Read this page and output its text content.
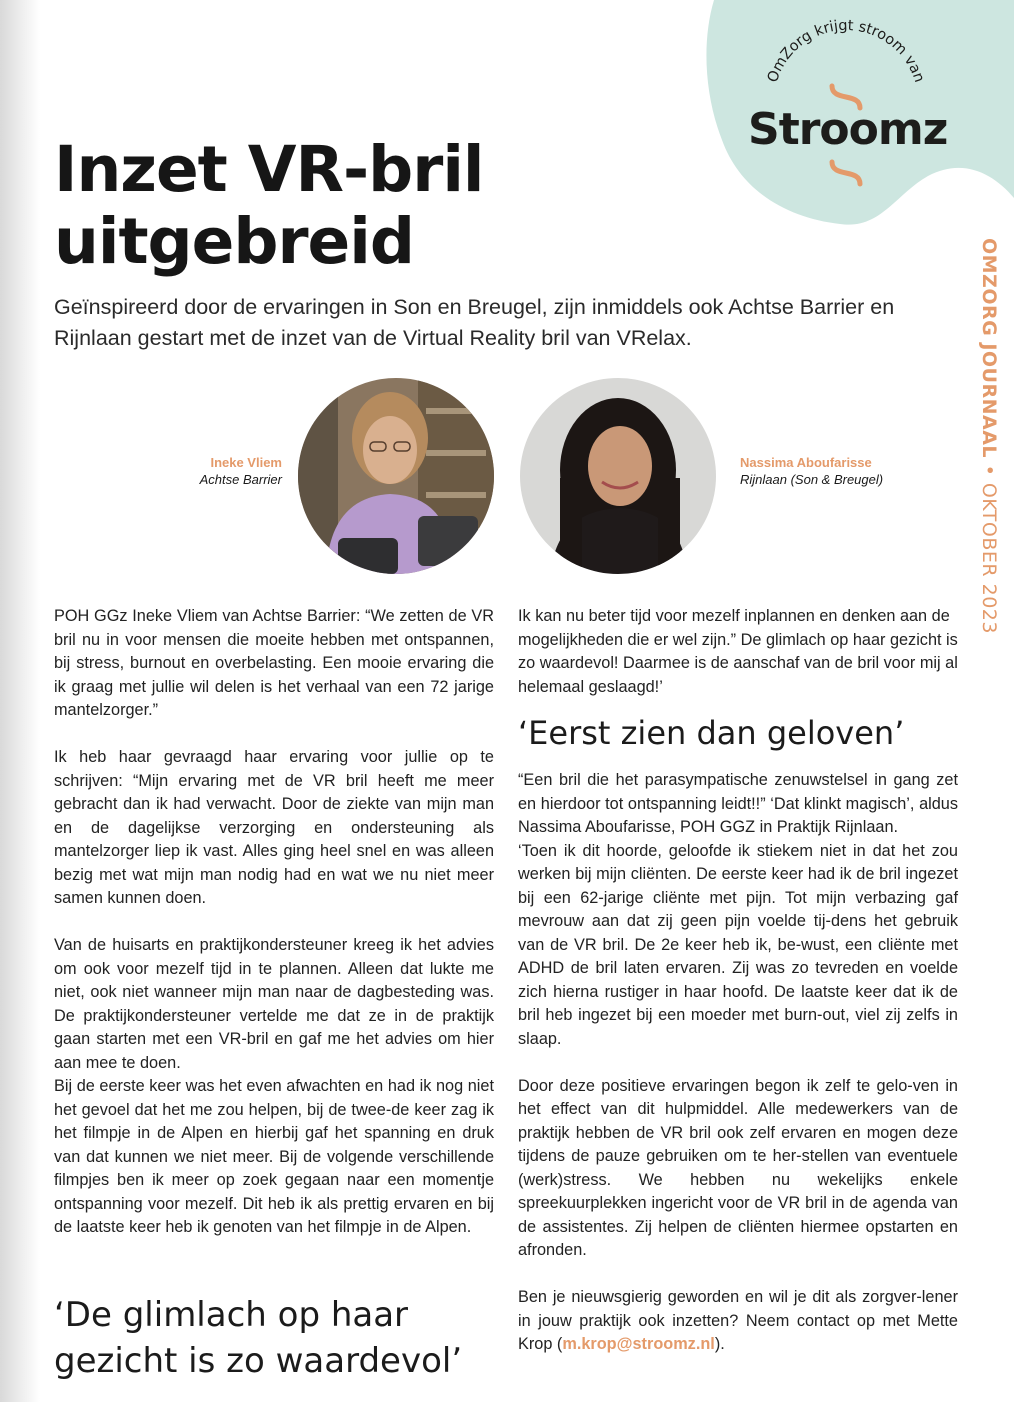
OmZorg krijgt stroom van
Stroomz
OMZORG JOURNAAL • OKTOBER 2023
Inzet VR-bril uitgebreid

Geïnspireerd door de ervaringen in Son en Breugel, zijn inmiddels ook Achtse Barrier en Rijnlaan gestart met de inzet van de Virtual Reality bril van VRelax.

Ineke Vliem
Achtse Barrier
Nassima Aboufarisse
Rijnlaan (Son & Breugel)

POH GGz Ineke Vliem van Achtse Barrier: “We zetten de VR bril nu in voor mensen die moeite hebben met ontspannen, bij stress, burnout en overbelasting. Een mooie ervaring die ik graag met jullie wil delen is het verhaal van een 72 jarige mantelzorger.”

Ik heb haar gevraagd haar ervaring voor jullie op te schrijven: “Mijn ervaring met de VR bril heeft me meer gebracht dan ik had verwacht. Door de ziekte van mijn man en de dagelijkse verzorging en ondersteuning als mantelzorger liep ik vast. Alles ging heel snel en was alleen bezig met wat mijn man nodig had en wat we nu niet meer samen kunnen doen.

Van de huisarts en praktijkondersteuner kreeg ik het advies om ook voor mezelf tijd in te plannen. Alleen dat lukte me niet, ook niet wanneer mijn man naar de dagbesteding was. De praktijkondersteuner vertelde me dat ze in de praktijk gaan starten met een VR-bril en gaf me het advies om hier aan mee te doen.

Bij de eerste keer was het even afwachten en had ik nog niet het gevoel dat het me zou helpen, bij de twee-de keer zag ik het filmpje in de Alpen en hierbij gaf het spanning en druk van dat kunnen we niet meer. Bij de volgende verschillende filmpjes ben ik meer op zoek gegaan naar een momentje ontspanning voor mezelf. Dit heb ik als prettig ervaren en bij de laatste keer heb ik genoten van het filmpje in de Alpen.

‘De glimlach op haar gezicht is zo waardevol’

Ik kan nu beter tijd voor mezelf inplannen en denken aan de mogelijkheden die er wel zijn.” De glimlach op haar gezicht is zo waardevol! Daarmee is de aanschaf van de bril voor mij al helemaal geslaagd!’

‘Eerst zien dan geloven’

“Een bril die het parasympatische zenuwstelsel in gang zet en hierdoor tot ontspanning leidt!!” ‘Dat klinkt magisch’, aldus Nassima Aboufarisse, POH GGZ in Praktijk Rijnlaan.

‘Toen ik dit hoorde, geloofde ik stiekem niet in dat het zou werken bij mijn cliënten. De eerste keer had ik de bril ingezet bij een 62-jarige cliënte met pijn. Tot mijn verbazing gaf mevrouw aan dat zij geen pijn voelde tij-dens het gebruik van de VR bril. De 2e keer heb ik, be-wust, een cliënte met ADHD de bril laten ervaren. Zij was zo tevreden en voelde zich hierna rustiger in haar hoofd. De laatste keer dat ik de bril heb ingezet bij een moeder met burn-out, viel zij zelfs in slaap.

Door deze positieve ervaringen begon ik zelf te gelo-ven in het effect van dit hulpmiddel. Alle medewerkers van de praktijk hebben de VR bril ook zelf ervaren en mogen deze tijdens de pauze gebruiken om te her-stellen van eventuele (werk)stress. We hebben nu wekelijks enkele spreekuurplekken ingericht voor de VR bril in de agenda van de assistentes. Zij helpen de cliënten hiermee opstarten en afronden.

Ben je nieuwsgierig geworden en wil je dit als zorgver-lener in jouw praktijk ook inzetten? Neem contact op met Mette Krop (m.krop@stroomz.nl).
